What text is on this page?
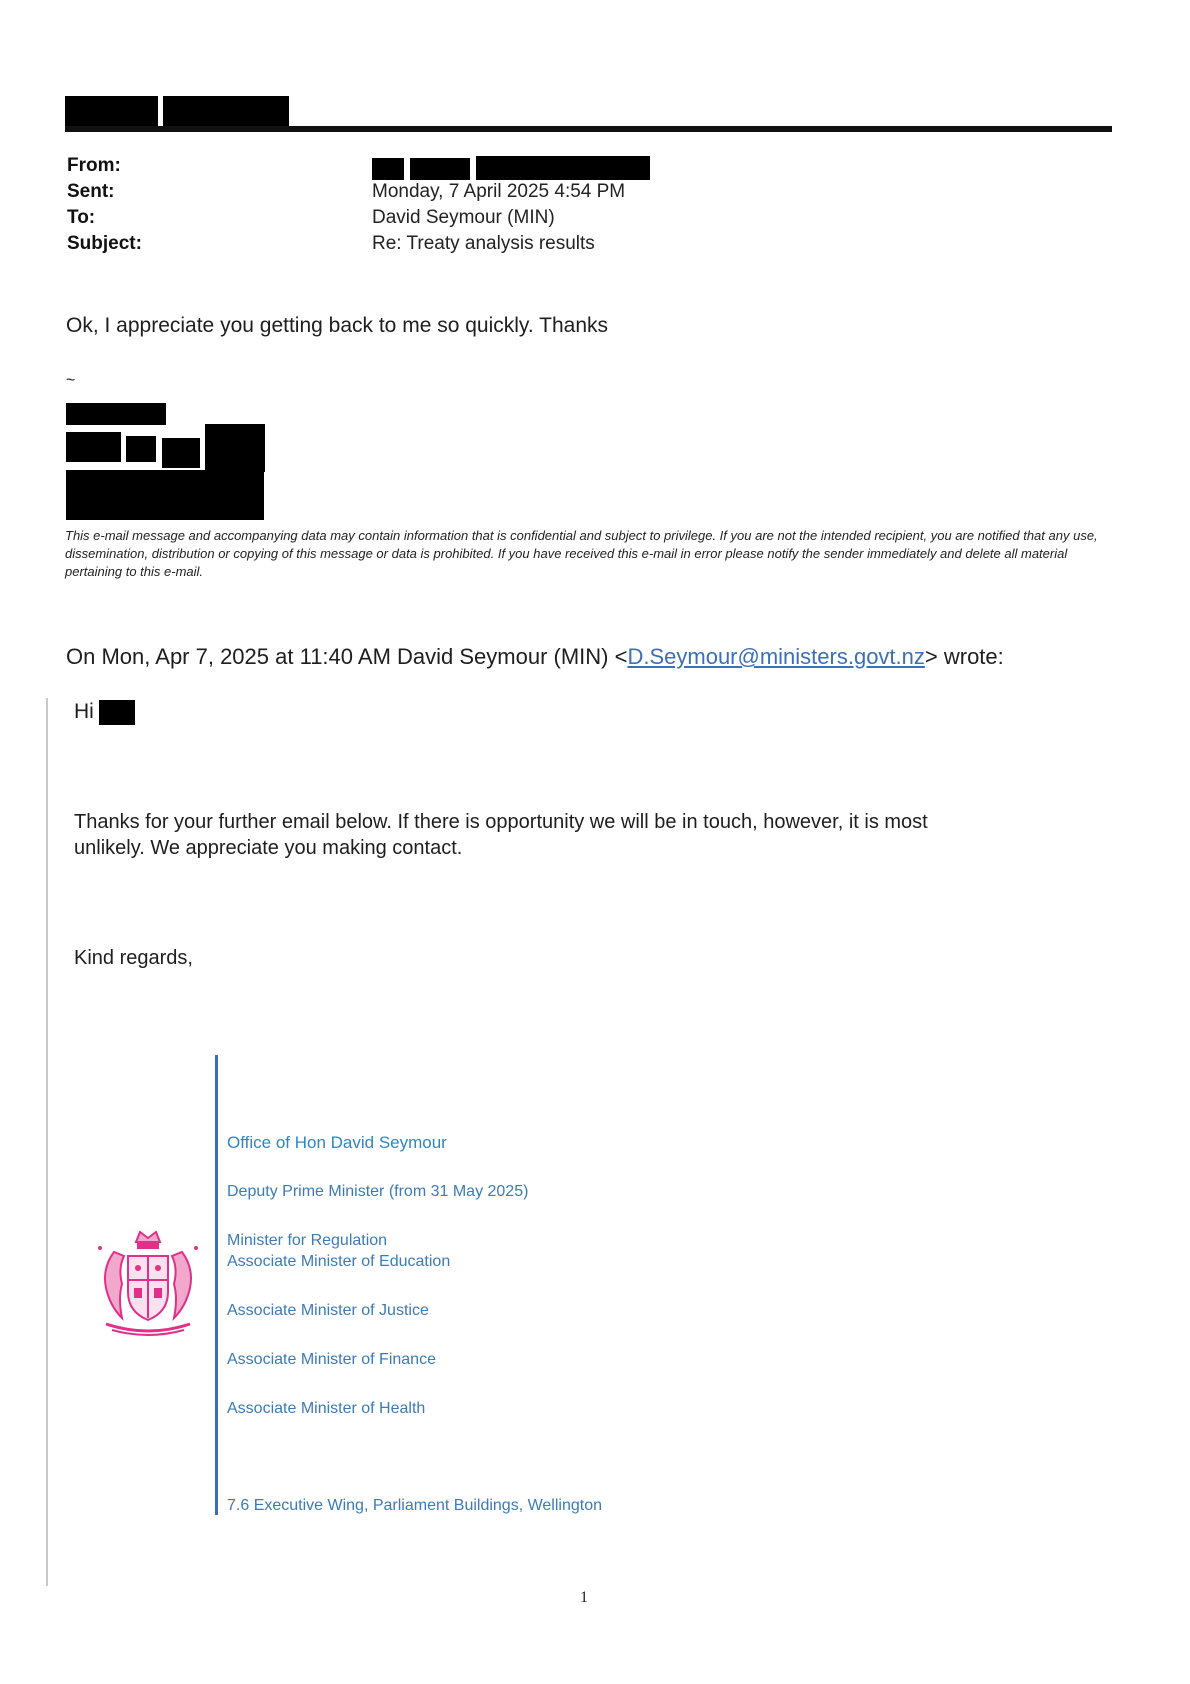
From:
Sent:
To:
Subject:
Monday, 7 April 2025 4:54 PM
David Seymour (MIN)
Re: Treaty analysis results
Ok, I appreciate you getting back to me so quickly. Thanks
~

This e-mail message and accompanying data may contain information that is confidential and subject to privilege. If you are not the intended recipient, you are notified that any use, dissemination, distribution or copying of this message or data is prohibited. If you have received this e-mail in error please notify the sender immediately and delete all material pertaining to this e-mail.

On Mon, Apr 7, 2025 at 11:40 AM David Seymour (MIN) <D.Seymour@ministers.govt.nz> wrote:
Hi
Thanks for your further email below. If there is opportunity we will be in touch, however, it is most
unlikely. We appreciate you making contact.
Kind regards,
Office of Hon David Seymour
Deputy Prime Minister (from 31 May 2025)
Minister for Regulation
Associate Minister of Education
Associate Minister of Justice
Associate Minister of Finance
Associate Minister of Health
7.6 Executive Wing, Parliament Buildings, Wellington
1
